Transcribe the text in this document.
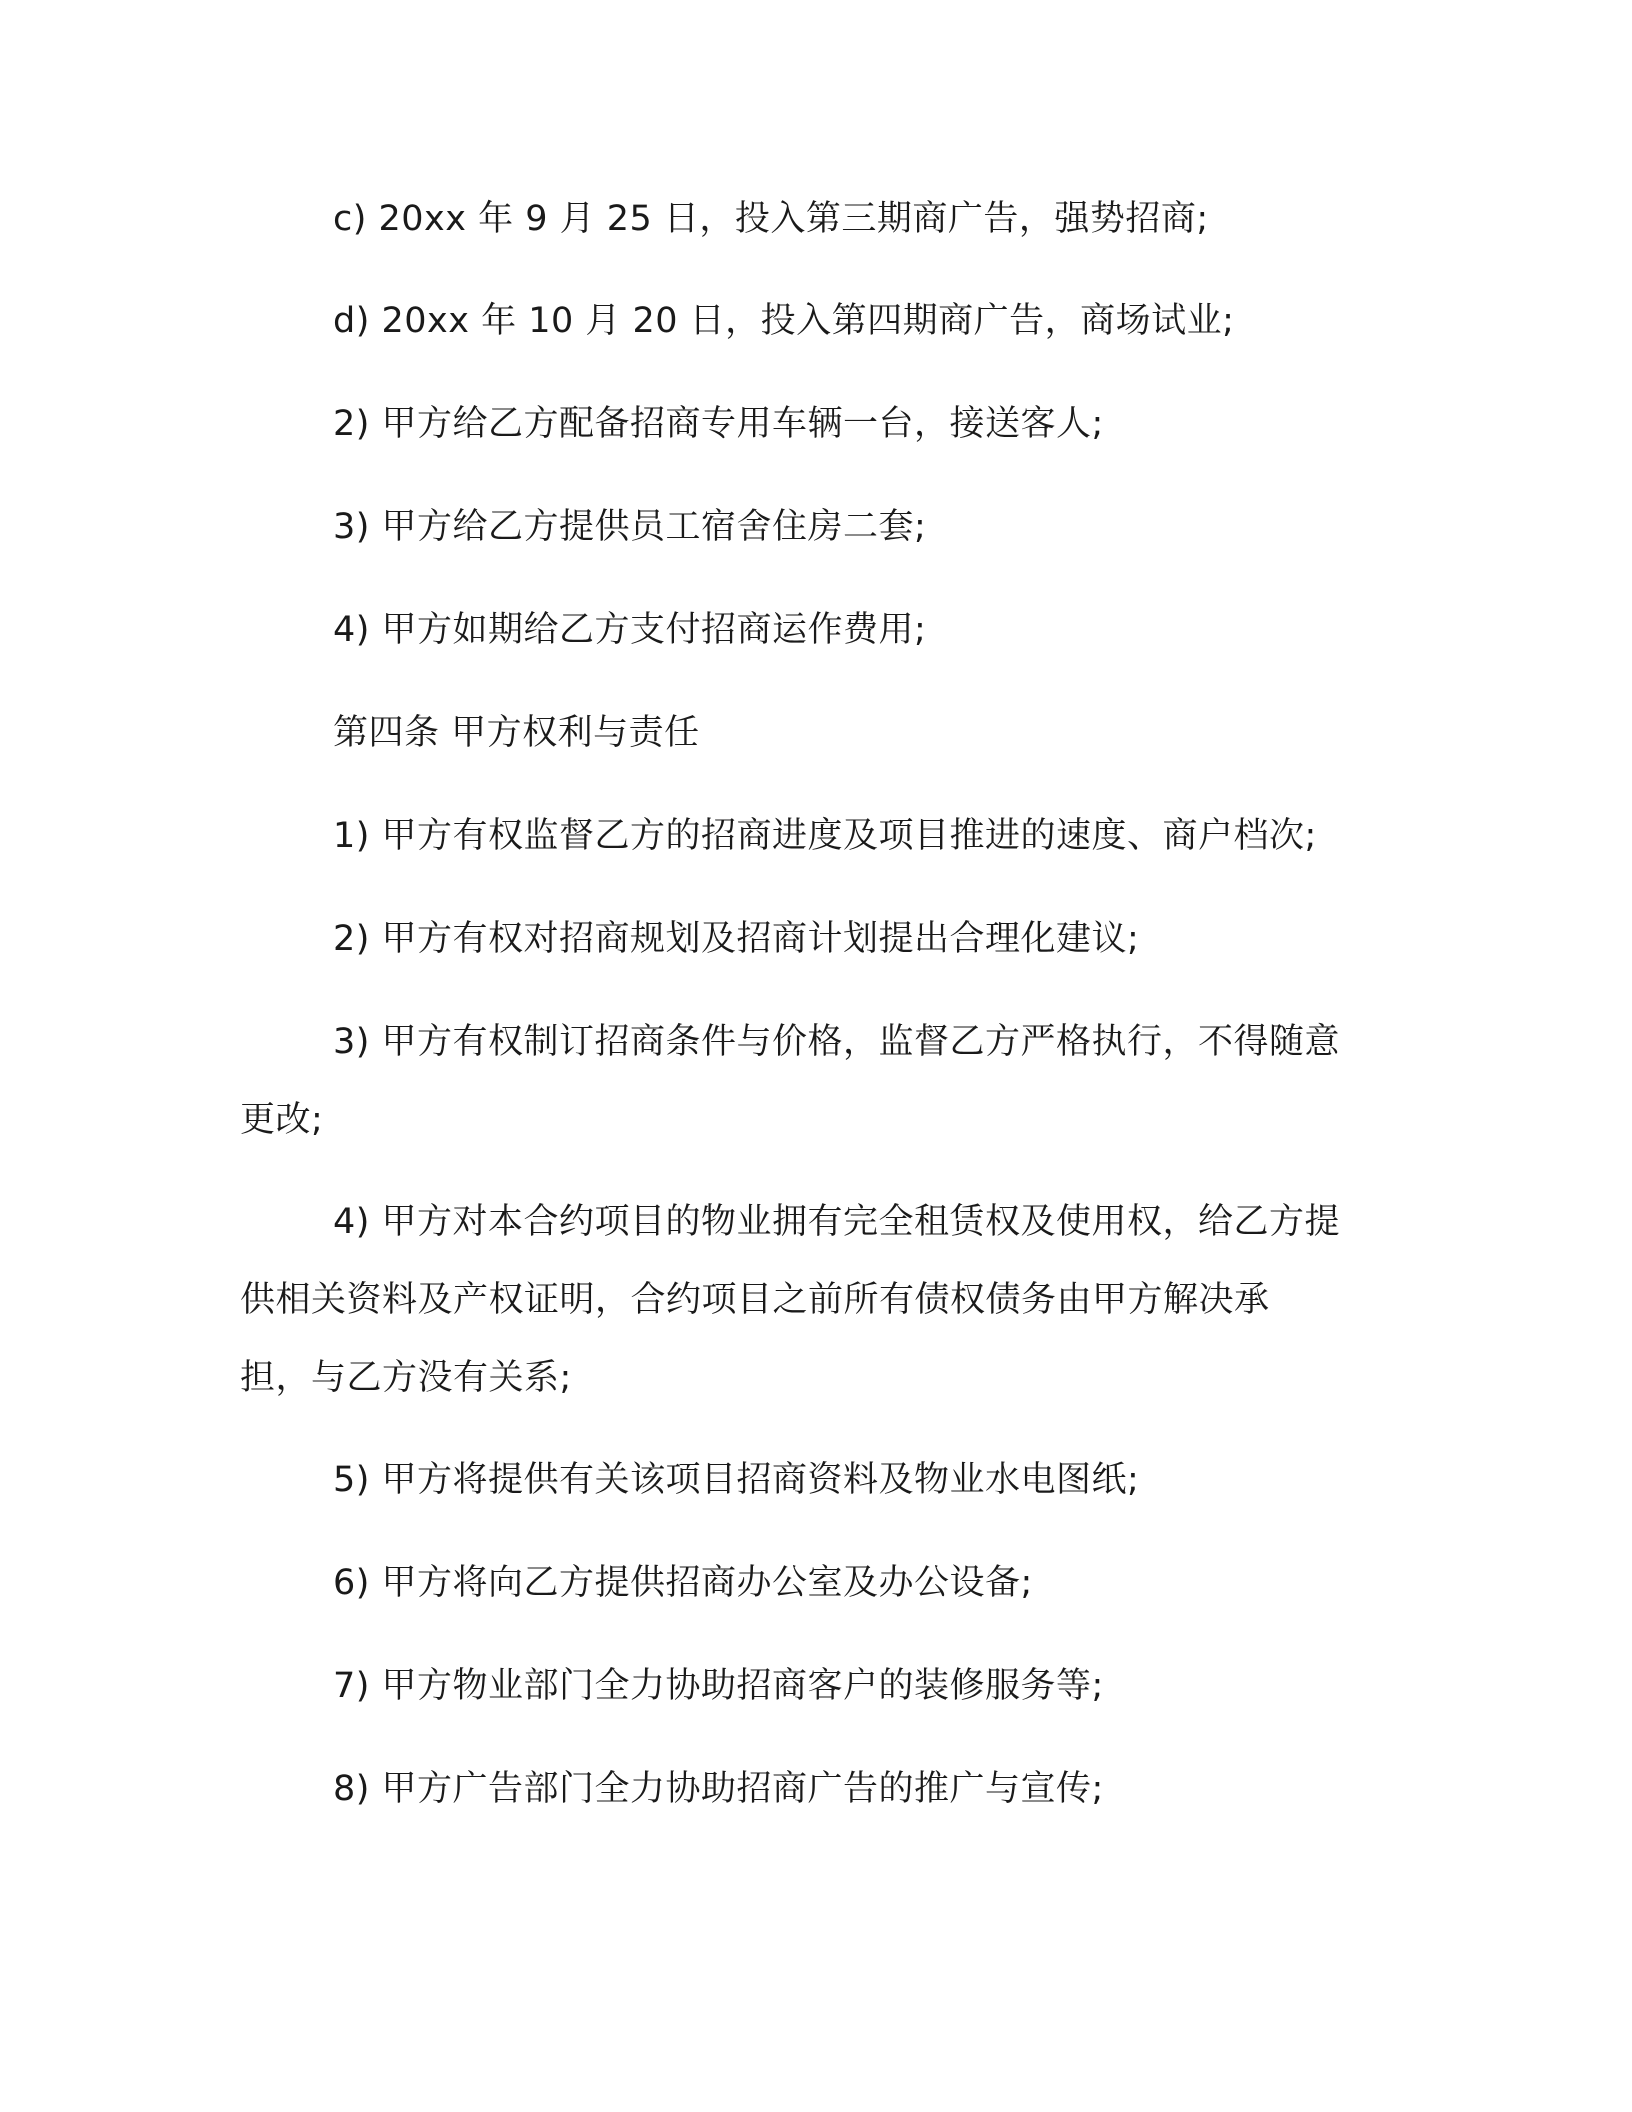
c) 20xx 年 9 月 25 日，投入第三期商广告，强势招商;
d) 20xx 年 10 月 20 日，投入第四期商广告，商场试业;
2) 甲方给乙方配备招商专用车辆一台，接送客人;
3) 甲方给乙方提供员工宿舍住房二套;
4) 甲方如期给乙方支付招商运作费用;
第四条 甲方权利与责任
1) 甲方有权监督乙方的招商进度及项目推进的速度、商户档次;
2) 甲方有权对招商规划及招商计划提出合理化建议;
3) 甲方有权制订招商条件与价格，监督乙方严格执行，不得随意
更改;
4) 甲方对本合约项目的物业拥有完全租赁权及使用权，给乙方提
供相关资料及产权证明，合约项目之前所有债权债务由甲方解决承
担，与乙方没有关系;
5) 甲方将提供有关该项目招商资料及物业水电图纸;
6) 甲方将向乙方提供招商办公室及办公设备;
7) 甲方物业部门全力协助招商客户的装修服务等;
8) 甲方广告部门全力协助招商广告的推广与宣传;
